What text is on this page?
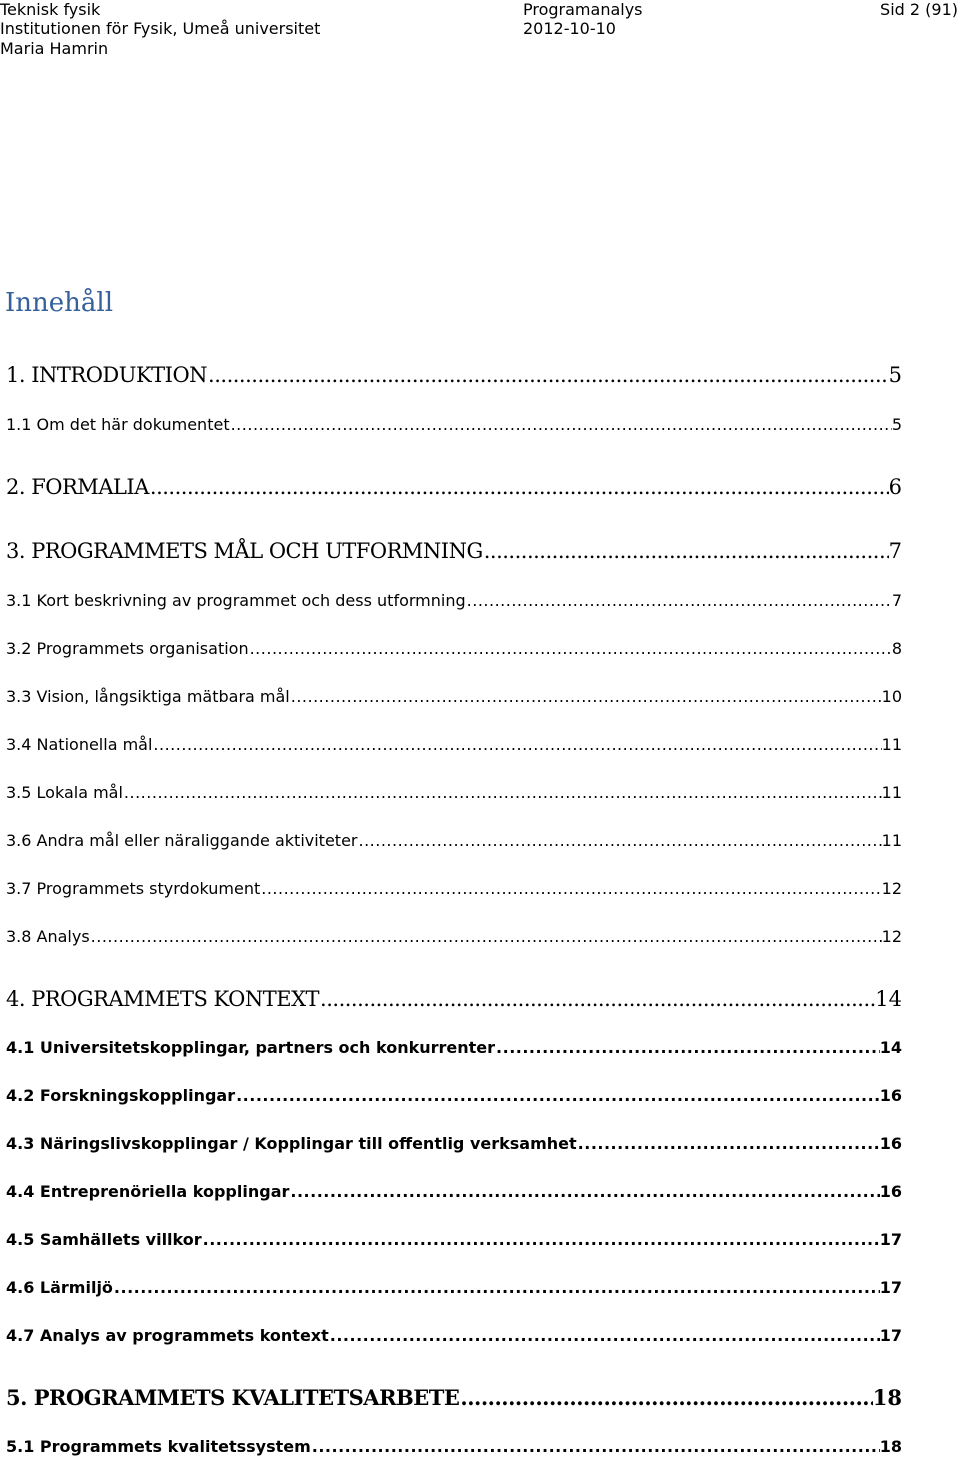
Teknisk fysik
Institutionen för Fysik, Umeå universitet
Maria Hamrin
Programanalys
2012-10-10
Sid 2 (91)
Innehåll
1. INTRODUKTION .....	5
1.1 Om det här dokumentet .....	5
2. FORMALIA .....	6
3. PROGRAMMETS MÅL OCH UTFORMNING .....	7
3.1 Kort beskrivning av programmet och dess utformning .....	7
3.2 Programmets organisation .....	8
3.3 Vision, långsiktiga mätbara mål .....	10
3.4 Nationella mål .....	11
3.5 Lokala mål .....	11
3.6 Andra mål eller näraliggande aktiviteter .....	11
3.7 Programmets styrdokument .....	12
3.8 Analys .....	12
4. PROGRAMMETS KONTEXT .....	14
4.1 Universitetskopplingar, partners och konkurrenter .....	14
4.2 Forskningskopplingar .....	16
4.3 Näringslivskopplingar / Kopplingar till offentlig verksamhet .....	16
4.4 Entreprenöriella kopplingar .....	16
4.5 Samhällets villkor .....	17
4.6 Lärmiljö .....	17
4.7 Analys av programmets kontext .....	17
5. PROGRAMMETS KVALITETSARBETE .....	18
5.1 Programmets kvalitetssystem .....	18
